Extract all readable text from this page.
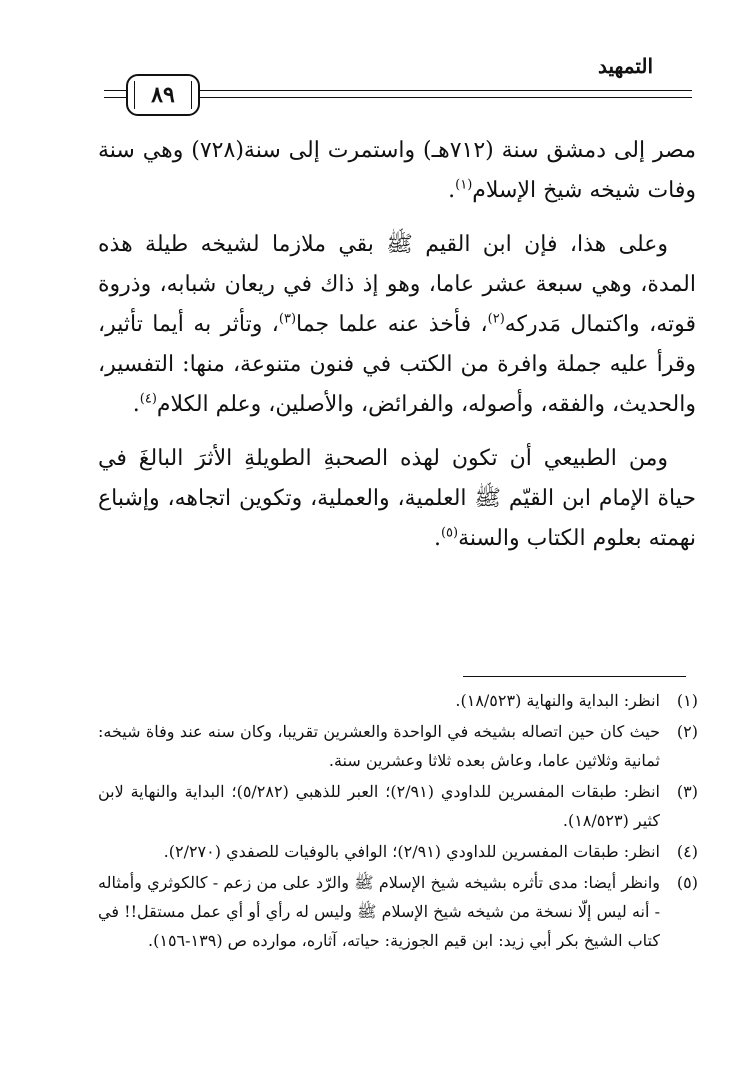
التمهيد
٨٩

مصر إلى دمشق سنة (٧١٢هـ) واستمرت إلى سنة(٧٢٨) وهي سنة وفات شيخه شيخ الإسلام$^{(١)}$.

وعلى هذا، فإن ابن القيم ﷺ بقي ملازما لشيخه طيلة هذه المدة، وهي سبعة عشر عاما، وهو إذ ذاك في ريعان شبابه، وذروة قوته، واكتمال مَدركه$^{(٢)}$، فأخذ عنه علما جما$^{(٣)}$، وتأثر به أيما تأثير، وقرأ عليه جملة وافرة من الكتب في فنون متنوعة، منها: التفسير، والحديث، والفقه، وأصوله، والفرائض، والأصلين، وعلم الكلام$^{(٤)}$.

ومن الطبيعي أن تكون لهذه الصحبةِ الطويلةِ الأثرَ البالغَ في حياة الإمام ابن القيّم ﷺ العلمية، والعملية، وتكوين اتجاهه، وإشباع نهمته بعلوم الكتاب والسنة$^{(٥)}$.

(١)
انظر: البداية والنهاية (١٨/٥٢٣).
(٢)
حيث كان حين اتصاله بشيخه في الواحدة والعشرين تقريبا، وكان سنه عند وفاة شيخه: ثمانية وثلاثين عاما، وعاش بعده ثلاثا وعشرين سنة.
(٣)
انظر: طبقات المفسرين للداودي (٢/٩١)؛ العبر للذهبي (٥/٢٨٢)؛ البداية والنهاية لابن كثير (١٨/٥٢٣).
(٤)
انظر: طبقات المفسرين للداودي (٢/٩١)؛ الوافي بالوفيات للصفدي (٢/٢٧٠).
(٥)
وانظر أيضا: مدى تأثره بشيخه شيخ الإسلام ﷺ والرّد على من زعم - كالكوثري وأمثاله - أنه ليس إلّا نسخة من شيخه شيخ الإسلام ﷺ وليس له رأي أو أي عمل مستقل!! في كتاب الشيخ بكر أبي زيد: ابن قيم الجوزية: حياته، آثاره، موارده ص (١٣٩-١٥٦).
